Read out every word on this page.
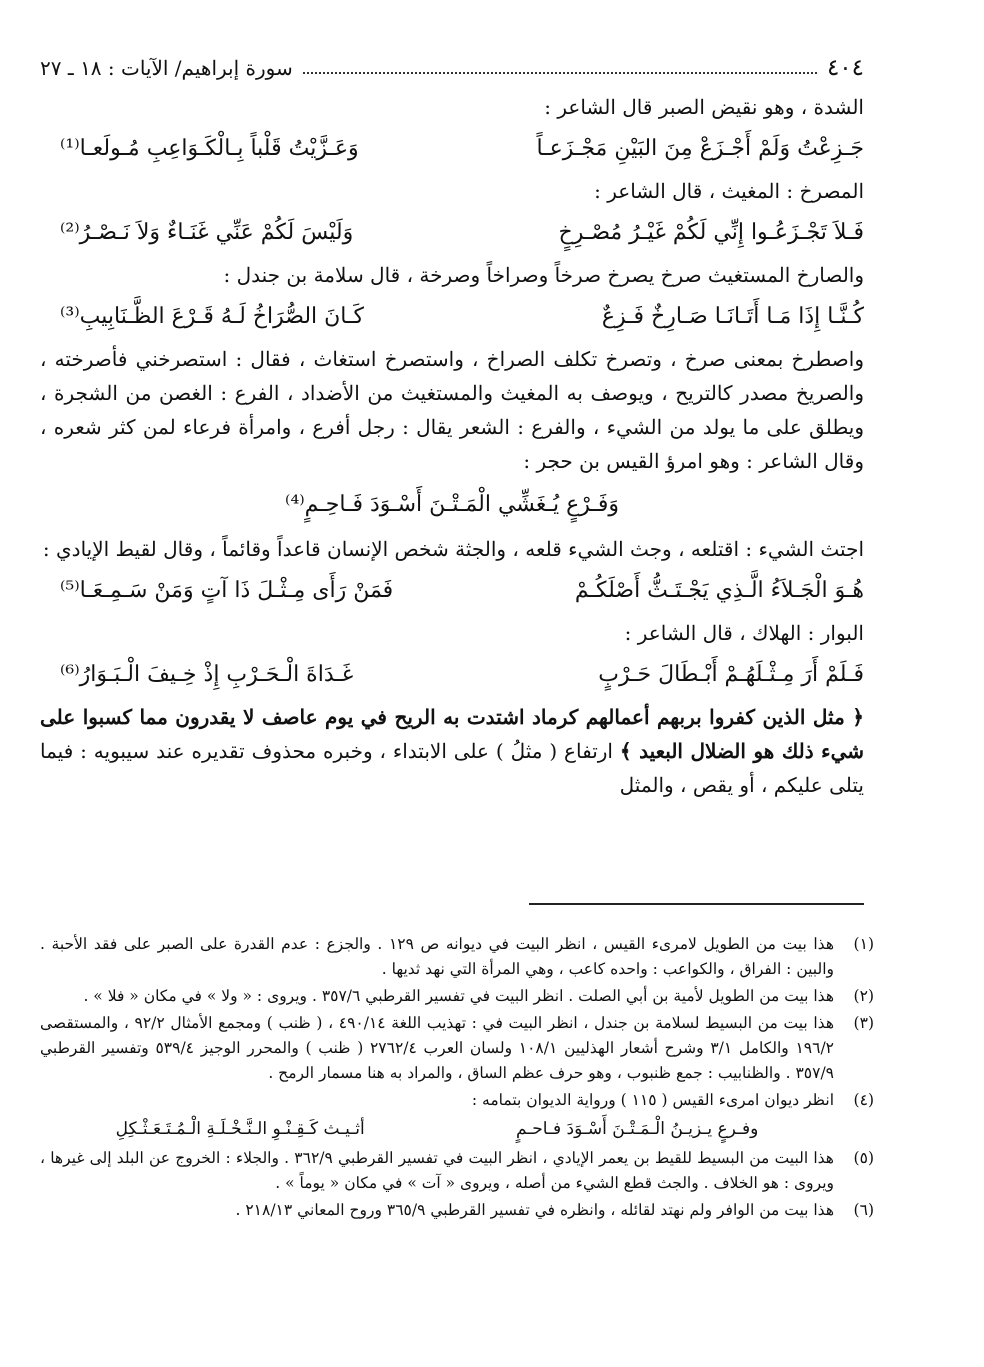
٤٠٤
سورة إبراهيم/ الآيات : ١٨ ـ ٢٧

الشدة ، وهو نقيض الصبر قال الشاعر :

جَـزِعْتُ وَلَمْ أَجْـزَعْ مِنَ البَيْنِ مَجْـزَعـاً
وَعَـزَّيْتُ قَلْباً بِـالْكَـوَاعِبِ مُـولَعـا⁽¹⁾

المصرخ : المغيث ، قال الشاعر :

فَـلاَ تَجْـزَعُـوا إِنِّي لَكُمْ غَيْـرُ مُصْـرِخٍ
وَلَيْسَ لَكُمْ عَنِّي غَنَـاءٌ وَلاَ نَـصْـرُ⁽²⁾

والصارخ المستغيث صرخ يصرخ صرخاً وصراخاً وصرخة ، قال سلامة بن جندل :

كُـنَّـا إِذَا مَـا أَتَـانَـا صَـارِخٌ فَـزِعٌ
كَـانَ الصُّرَاخُ لَـهُ قَـرْعَ الظَّـنَابِيبِ⁽³⁾

واصطرخ بمعنى صرخ ، وتصرخ تكلف الصراخ ، واستصرخ استغاث ، فقال : استصرخني فأصرخته ، والصريخ مصدر كالتريح ، ويوصف به المغيث والمستغيث من الأضداد ، الفرع : الغصن من الشجرة ، ويطلق على ما يولد من الشيء ، والفرع : الشعر يقال : رجل أفرع ، وامرأة فرعاء لمن كثر شعره ، وقال الشاعر : وهو امرؤ القيس بن حجر :

وَفَـرْعٍ يُـغَشِّي الْمَـتْـنَ أَسْـوَدَ فَـاحِـمٍ⁽⁴⁾

اجتث الشيء : اقتلعه ، وجث الشيء قلعه ، والجثة شخص الإنسان قاعداً وقائماً ، وقال لقيط الإيادي :

هُـوَ الْجَـلاَءُ الَّـذِي يَجْـتَـثُّ أَصْلَكُـمْ
فَمَنْ رَأَى مِـثْـلَ ذَا آتٍ وَمَنْ سَـمِـعَـا⁽⁵⁾

البوار : الهلاك ، قال الشاعر :

فَـلَمْ أَرَ مِـثْـلَهُـمْ أَبْـطَالَ حَـرْبٍ
غَـدَاةَ الْـحَـرْبِ إِذْ خِـيفَ الْـبَـوَارُ⁽⁶⁾

﴿ مثل الذين كفروا بربهم أعمالهم كرماد اشتدت به الريح في يوم عاصف لا يقدرون مما كسبوا على شيء ذلك هو الضلال البعيد ﴾ ارتفاع ( مثلُ ) على الابتداء ، وخبره محذوف تقديره عند سيبويه : فيما يتلى عليكم ، أو يقص ، والمثل

(١)
هذا بيت من الطويل لامرىء القيس ، انظر البيت في ديوانه ص ١٢٩ . والجزع : عدم القدرة على الصبر على فقد الأحبة . والبين : الفراق ، والكواعب : واحده كاعب ، وهي المرأة التي نهد ثديها .
(٢)
هذا بيت من الطويل لأمية بن أبي الصلت . انظر البيت في تفسير القرطبي ٣٥٧/٦ . ويروى : « ولا » في مكان « فلا » .
(٣)
هذا بيت من البسيط لسلامة بن جندل ، انظر البيت في : تهذيب اللغة ٤٩٠/١٤ ، ( ظنب ) ومجمع الأمثال ٩٢/٢ ، والمستقصى ١٩٦/٢ والكامل ٣/١ وشرح أشعار الهذليين ١٠٨/١ ولسان العرب ٢٧٦٢/٤ ( ظنب ) والمحرر الوجيز ٥٣٩/٤ وتفسير القرطبي ٣٥٧/٩ . والظنابيب : جمع ظنبوب ، وهو حرف عظم الساق ، والمراد به هنا مسمار الرمح .
(٤)
انظر ديوان امرىء القيس ( ١١٥ ) ورواية الديوان بتمامه :
وفـرعٍ يـزيـنُ الْـمَـتْـنَ أَسْـوَدَ فـاحـمٍ
أثـيـث كَـقِـنْـوِ الـنَّـخْـلَـةِ الْـمُـتَـعَـثْـكِلِ
(٥)
هذا البيت من البسيط للقيط بن يعمر الإيادي ، انظر البيت في تفسير القرطبي ٣٦٢/٩ . والجلاء : الخروج عن البلد إلى غيرها ، ويروى : هو الخلاف . والجث قطع الشيء من أصله ، ويروى « آت » في مكان « يوماً » .
(٦)
هذا بيت من الوافر ولم نهتد لقائله ، وانظره في تفسير القرطبي ٣٦٥/٩ وروح المعاني ٢١٨/١٣ .
